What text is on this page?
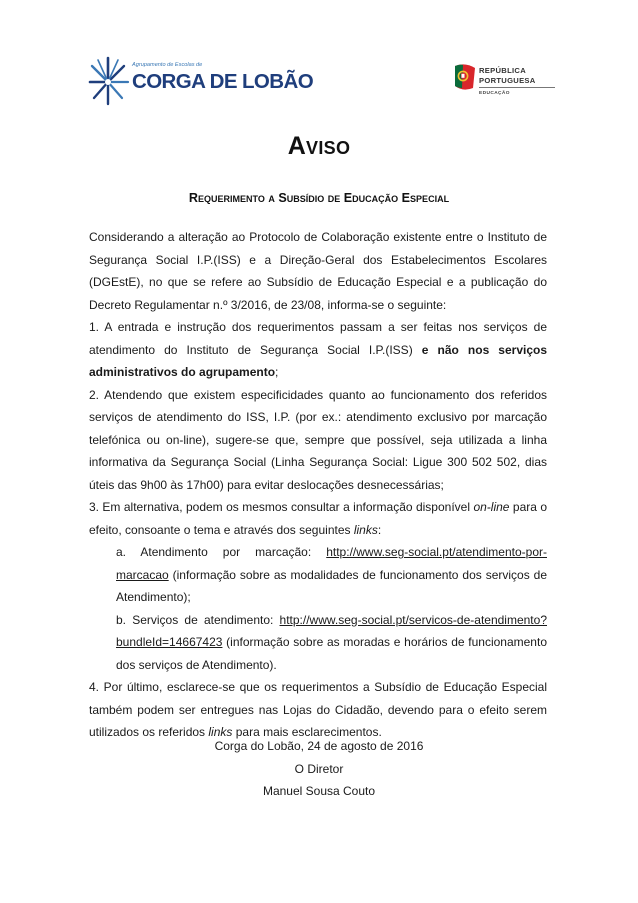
Agrupamento de Escolas de
CORGA DE LOBÃO	REPÚBLICA
PORTUGUESA
EDUCAÇÃO
Aviso
Requerimento a Subsídio de Educação Especial

Considerando a alteração ao Protocolo de Colaboração existente entre o Instituto de Segurança Social I.P.(ISS) e a Direção-Geral dos Estabelecimentos Escolares (DGEstE), no que se refere ao Subsídio de Educação Especial e a publicação do Decreto Regulamentar n.º 3/2016, de 23/08, informa-se o seguinte:

1. A entrada e instrução dos requerimentos passam a ser feitas nos serviços de atendimento do Instituto de Segurança Social I.P.(ISS) e não nos serviços administrativos do agrupamento;

2. Atendendo que existem especificidades quanto ao funcionamento dos referidos serviços de atendimento do ISS, I.P. (por ex.: atendimento exclusivo por marcação telefónica ou on-line), sugere-se que, sempre que possível, seja utilizada a linha informativa da Segurança Social (Linha Segurança Social: Ligue 300 502 502, dias úteis das 9h00 às 17h00) para evitar deslocações desnecessárias;

3. Em alternativa, podem os mesmos consultar a informação disponível on-line para o efeito, consoante o tema e através dos seguintes links:

a. Atendimento por marcação: http://www.seg-social.pt/atendimento-por-marcacao (informação sobre as modalidades de funcionamento dos serviços de Atendimento);

b. Serviços de atendimento: http://www.seg-social.pt/servicos-de-atendimento?bundleId=14667423 (informação sobre as moradas e horários de funcionamento dos serviços de Atendimento).

4. Por último, esclarece-se que os requerimentos a Subsídio de Educação Especial também podem ser entregues nas Lojas do Cidadão, devendo para o efeito serem utilizados os referidos links para mais esclarecimentos.

Corga do Lobão, 24 de agosto de 2016
O Diretor
Manuel Sousa Couto
